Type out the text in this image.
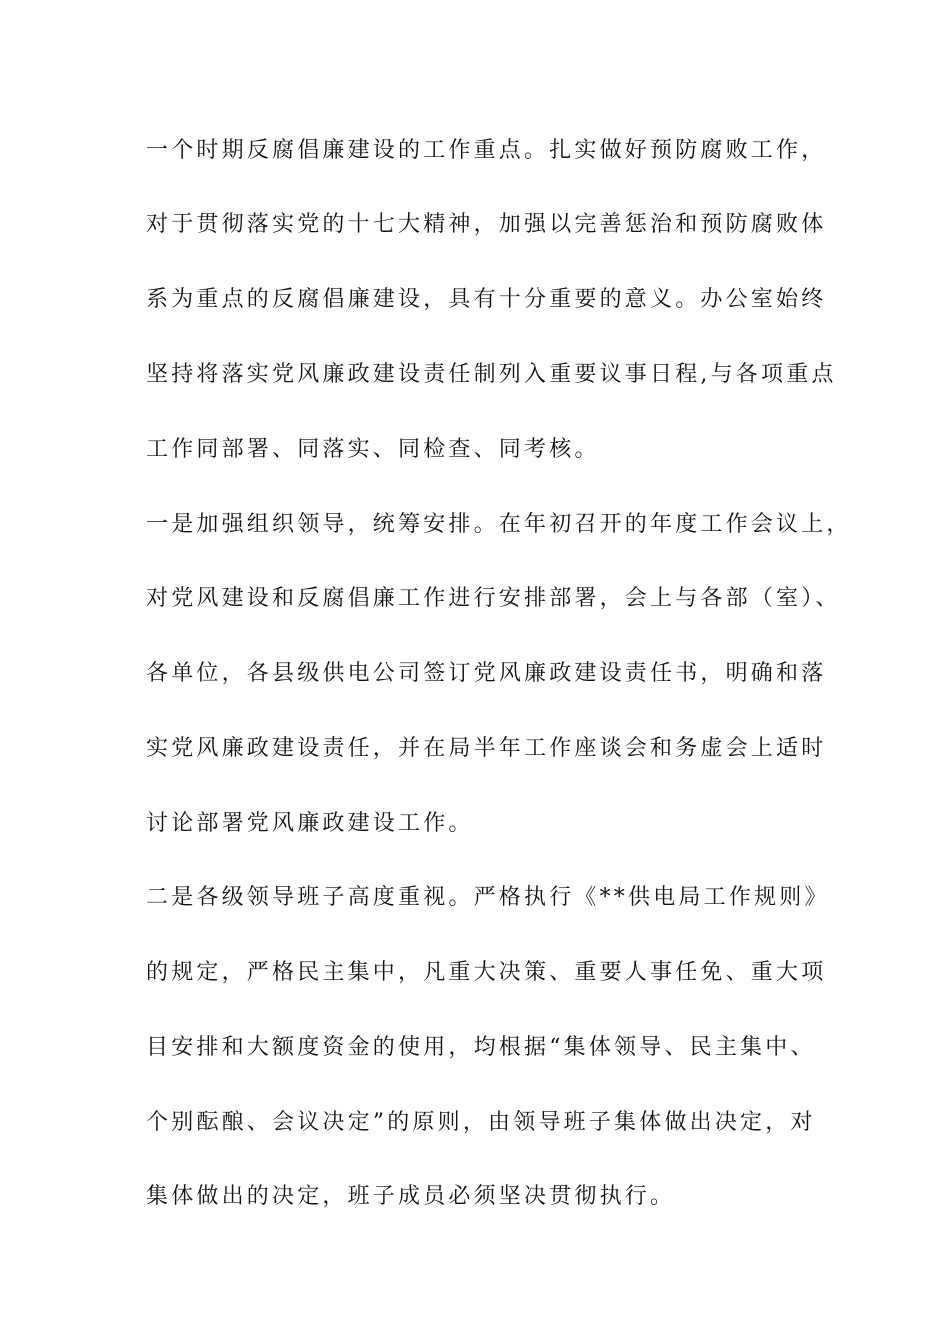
一个时期反腐倡廉建设的工作重点。扎实做好预防腐败工作，
对于贯彻落实党的十七大精神，加强以完善惩治和预防腐败体
系为重点的反腐倡廉建设，具有十分重要的意义。办公室始终
坚持将落实党风廉政建设责任制列入重要议事日程,与各项重点
工作同部署、同落实、同检查、同考核。
一是加强组织领导，统筹安排。在年初召开的年度工作会议上，
对党风建设和反腐倡廉工作进行安排部署，会上与各部（室）、
各单位，各县级供电公司签订党风廉政建设责任书，明确和落
实党风廉政建设责任，并在局半年工作座谈会和务虚会上适时
讨论部署党风廉政建设工作。
二是各级领导班子高度重视。严格执行《**供电局工作规则》
的规定，严格民主集中，凡重大决策、重要人事任免、重大项
目安排和大额度资金的使用，均根据“集体领导、民主集中、
个别酝酿、会议决定”的原则，由领导班子集体做出决定，对
集体做出的决定，班子成员必须坚决贯彻执行。
